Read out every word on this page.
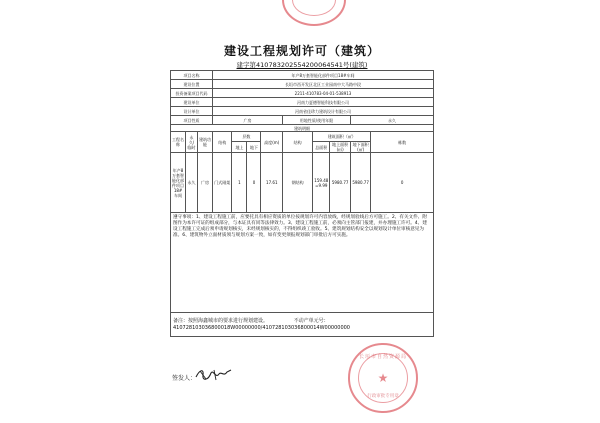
建设工程规划许可（建筑）
建字第410783202554200064541号(建筑)
项目名称			年产8万套智能化部件项目18#车间								
建设位置			长垣市西开发区北区工业园南中大马路中段								
投资备案项目代码			2211-410783-04-01-538913								
建设单位			河南力夏德智能科技有限公司								
设计单位			河南省佳珍力建筑设计有限公司								
项目性质			广房				用地性质/使用年限			永久	
建筑明细											
工程名称	永久/临时	建筑功能	结构	层数		高度(m)	结构	建筑面积（㎡）			栋数
				地上	地下			总面积	地上面积(㎡)	地下面积(㎡)	

年产8万套智能化部件项目18#车间	永久	广房	门式刚架	1	0	17.61	钢结构	159.48=9.99	5980.77	5980.77	0
遵守事项：1、建设工程施工前，应要托具有相应资质的单位按规划许可内容放线，经规划验线后方可施工。2、有关文件、附图作为本许可证的组成部分，与本证具有同等法律效力。3、建设工程施工前，必须向主管部门报建，并办理施工许可。4、建设工程施工完成后须申请规划核实，未经规划核实的，不得组织竣工验收。5、建筑规划结构安全以规划设计单位审核意见为准。6、建筑物外立面材质须与规划方案一致，如有变更须报规划部门审批后方可实施。											
备注：按照海鑫城市的要求进行规划建设。 不动产单元号：
410728103036800018W00000000/410728103036800014W00000000											
签发人：
长垣市自然资源局
★
行政审批专用章
